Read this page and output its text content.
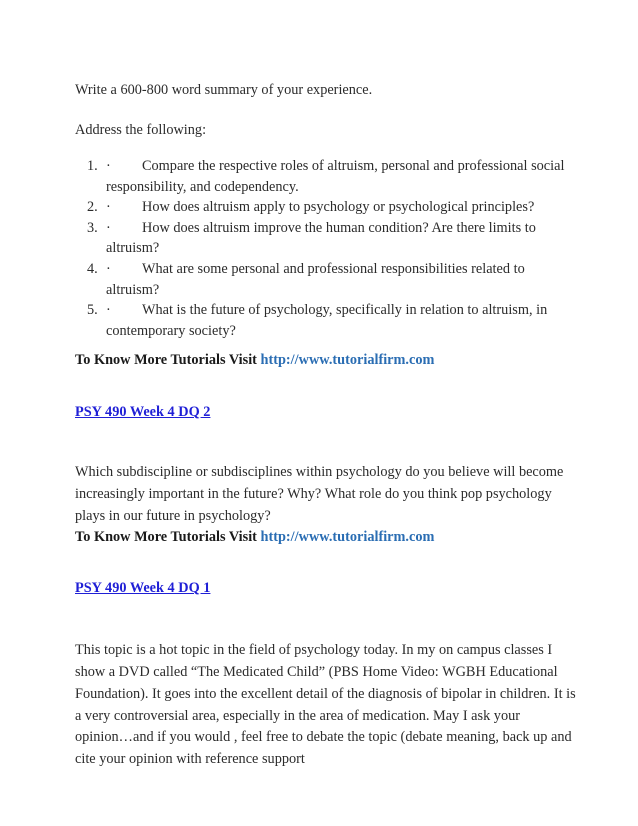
Write a 600-800 word summary of your experience.

Address the following:

1. · Compare the respective roles of altruism, personal and professional social responsibility, and codependency.
2. · How does altruism apply to psychology or psychological principles?
3. · How does altruism improve the human condition? Are there limits to altruism?
4. · What are some personal and professional responsibilities related to altruism?
5. · What is the future of psychology, specifically in relation to altruism, in contemporary society?

To Know More Tutorials Visit http://www.tutorialfirm.com

PSY 490 Week 4 DQ 2

Which subdiscipline or subdisciplines within psychology do you believe will become increasingly important in the future? Why? What role do you think pop psychology plays in our future in psychology?

To Know More Tutorials Visit http://www.tutorialfirm.com

PSY 490 Week 4 DQ 1

This topic is a hot topic in the field of psychology today. In my on campus classes I show a DVD called “The Medicated Child” (PBS Home Video: WGBH Educational Foundation). It goes into the excellent detail of the diagnosis of bipolar in children. It is a very controversial area, especially in the area of medication. May I ask your opinion…and if you would , feel free to debate the topic (debate meaning, back up and cite your opinion with reference support
